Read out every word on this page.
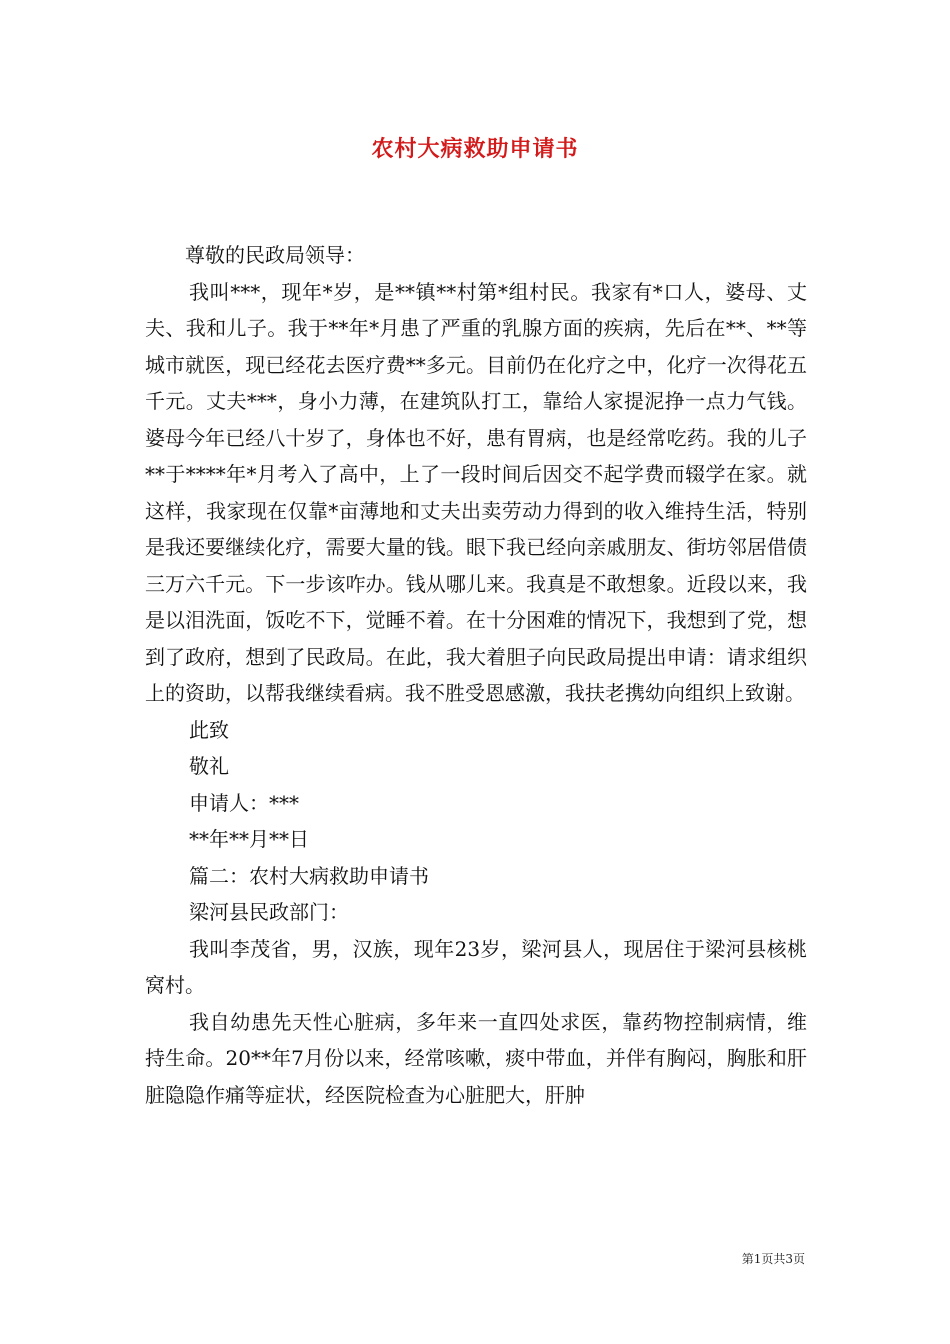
农村大病救助申请书

尊敬的民政局领导：

我叫***，现年*岁，是**镇**村第*组村民。我家有*口人，婆母、丈夫、我和儿子。我于**年*月患了严重的乳腺方面的疾病，先后在**、**等城市就医，现已经花去医疗费**多元。目前仍在化疗之中，化疗一次得花五千元。丈夫***，身小力薄，在建筑队打工，靠给人家提泥挣一点力气钱。婆母今年已经八十岁了，身体也不好，患有胃病，也是经常吃药。我的儿子**于****年*月考入了高中，上了一段时间后因交不起学费而辍学在家。就这样，我家现在仅靠*亩薄地和丈夫出卖劳动力得到的收入维持生活，特别是我还要继续化疗，需要大量的钱。眼下我已经向亲戚朋友、街坊邻居借债三万六千元。下一步该咋办。钱从哪儿来。我真是不敢想象。近段以来，我是以泪洗面，饭吃不下，觉睡不着。在十分困难的情况下，我想到了党，想到了政府，想到了民政局。在此，我大着胆子向民政局提出申请：请求组织上的资助，以帮我继续看病。我不胜受恩感激，我扶老携幼向组织上致谢。

此致

敬礼

申请人：***

**年**月**日

篇二：农村大病救助申请书

梁河县民政部门：

我叫李茂省，男，汉族，现年23岁，梁河县人，现居住于梁河县核桃窝村。

我自幼患先天性心脏病，多年来一直四处求医，靠药物控制病情，维持生命。20**年7月份以来，经常咳嗽，痰中带血，并伴有胸闷，胸胀和肝脏隐隐作痛等症状，经医院检查为心脏肥大，肝肿

第1页共3页
